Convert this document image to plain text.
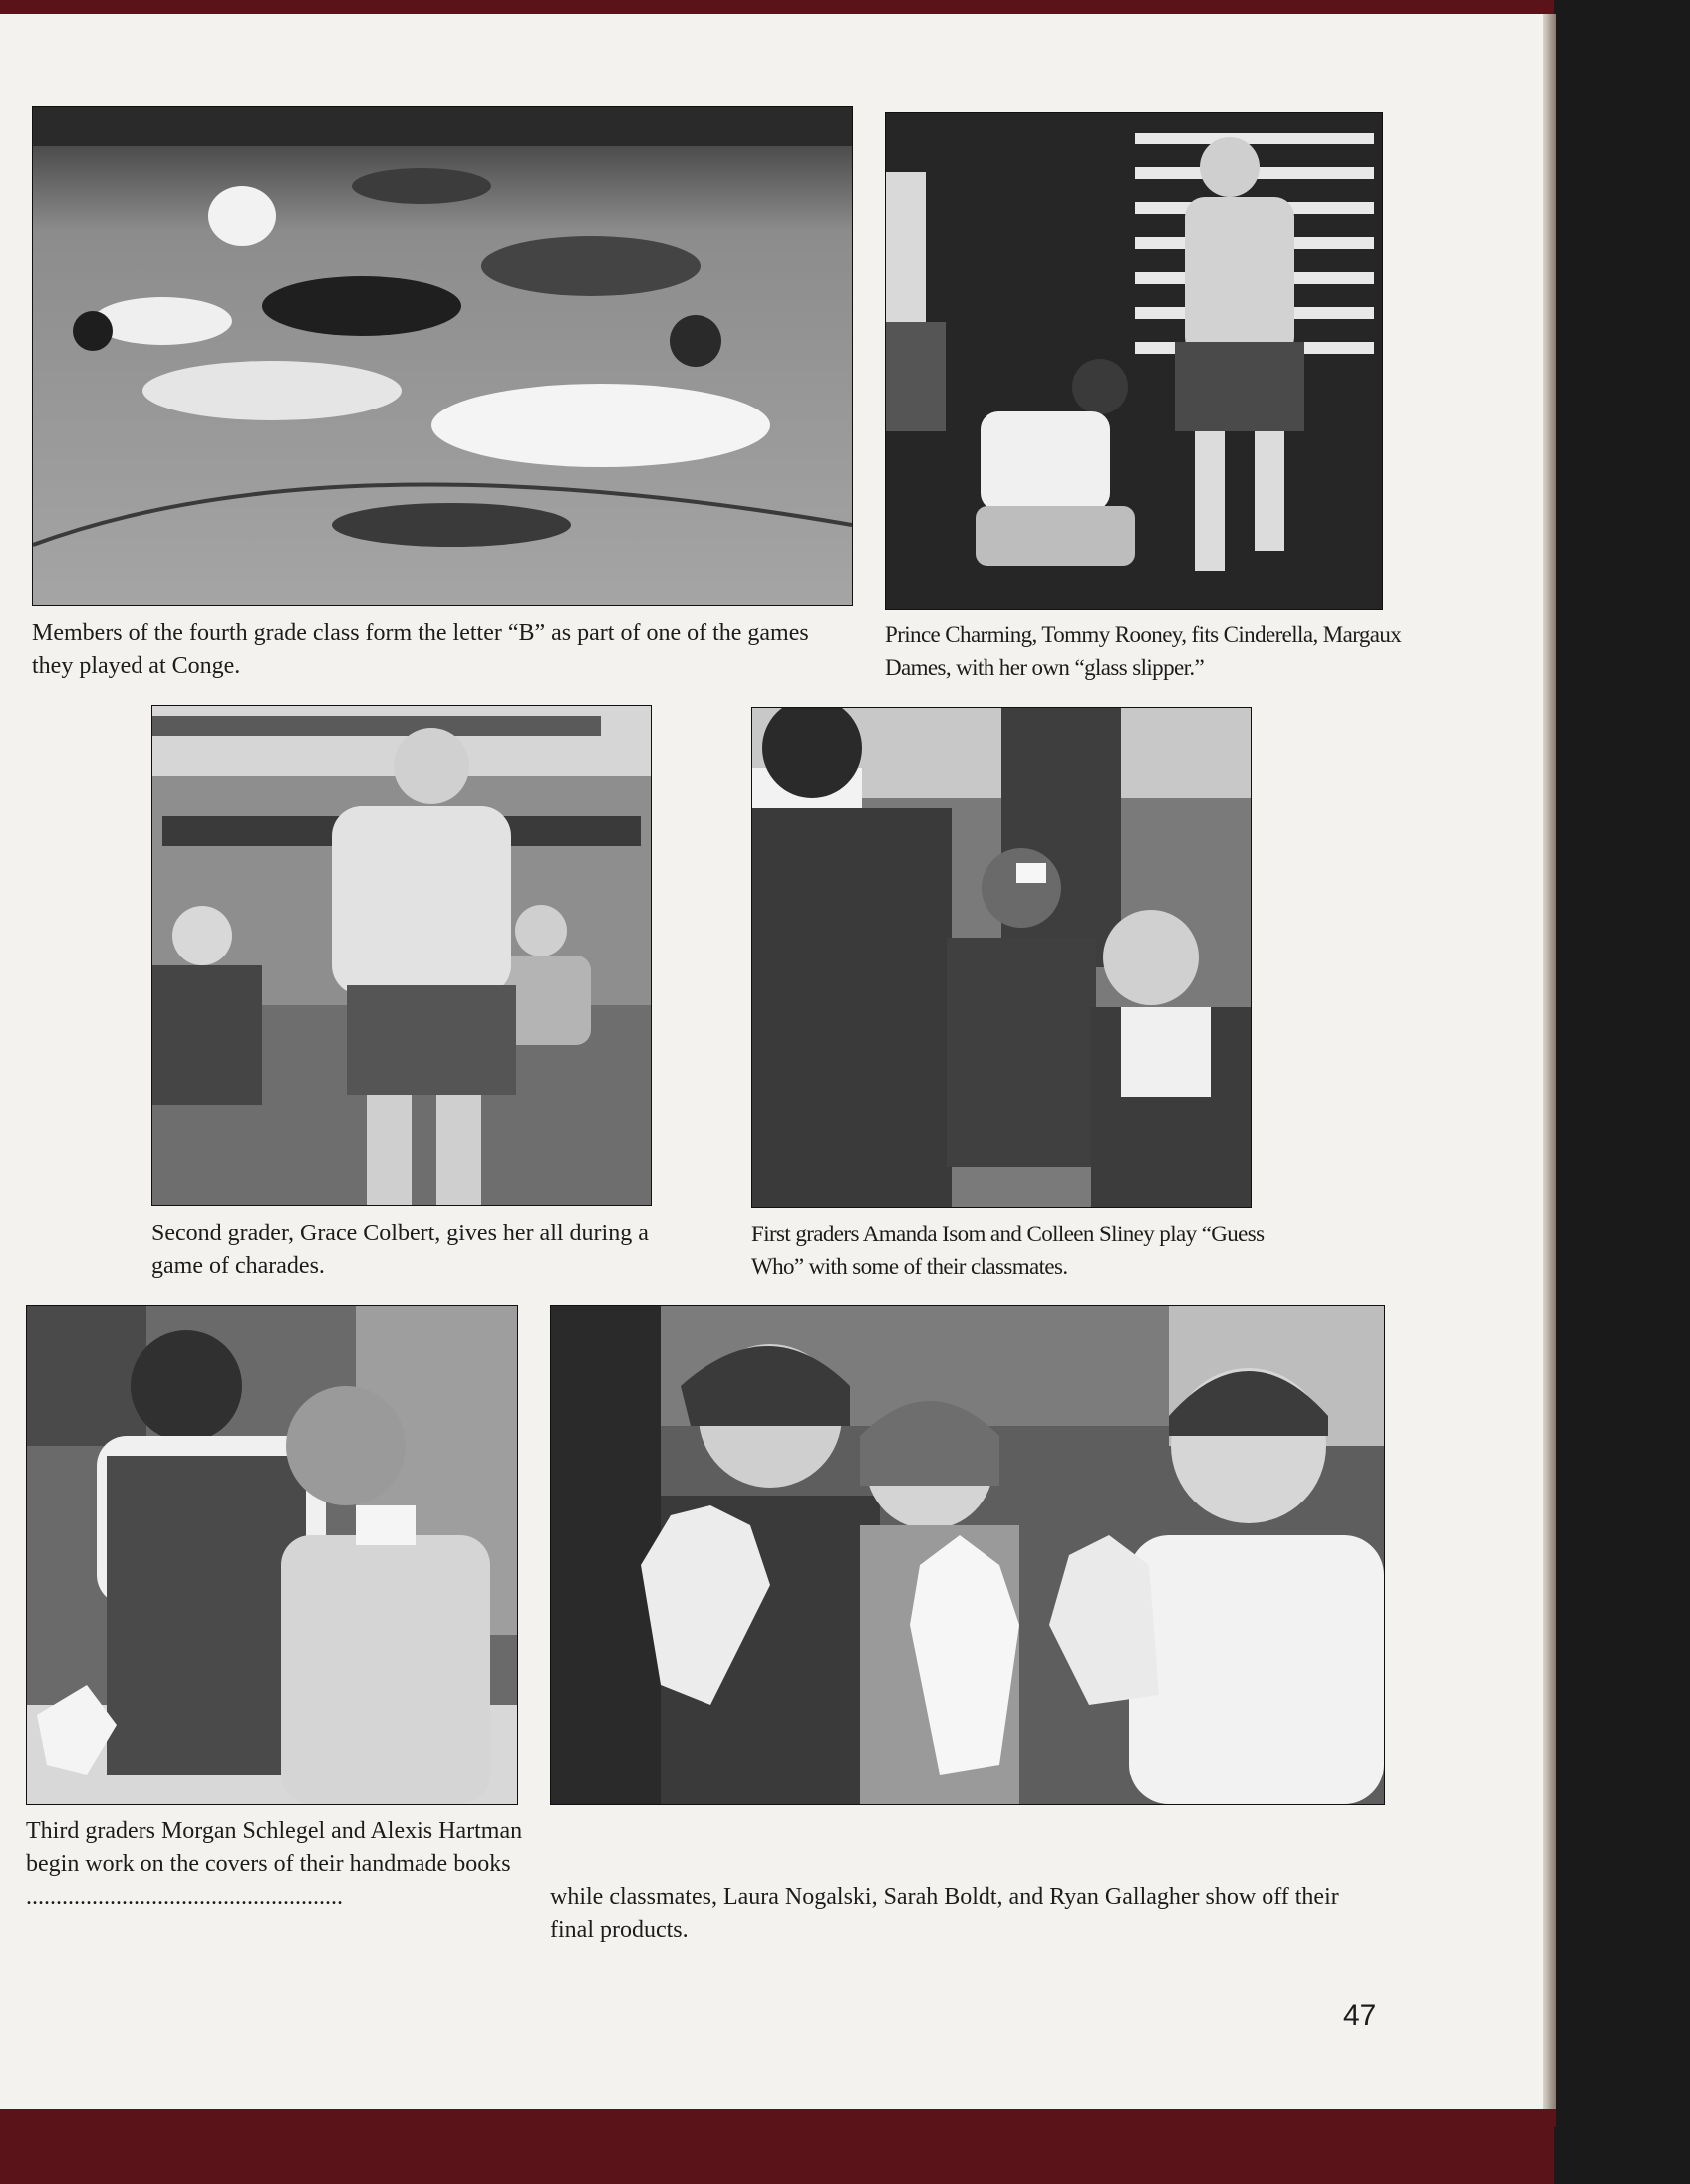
Members of the fourth grade class form the letter “B” as part of one of the games they played at Conge.

Prince Charming, Tommy Rooney, fits Cinderella, Margaux Dames, with her own “glass slipper.”

Second grader, Grace Colbert, gives her all during a game of charades.

First graders Amanda Isom and Colleen Sliney play “Guess Who” with some of their classmates.

Third graders Morgan Schlegel and Alexis Hartman begin work on the covers of their handmade books .....................................................	while classmates, Laura Nogalski, Sarah Boldt, and Ryan Gallagher show off their final products.

47
